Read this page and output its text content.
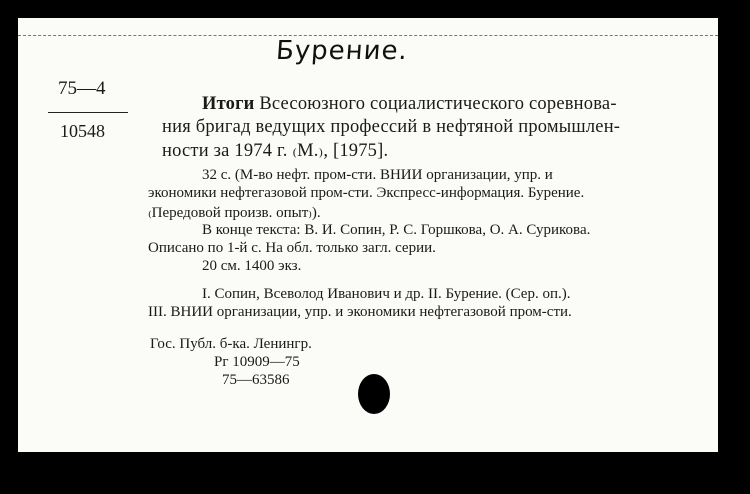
Бурение.
75—4
10548
Итоги Всесоюзного социалистического соревнова-
ния бригад ведущих профессий в нефтяной промышлен-
ности за 1974 г. ₍М.₎, [1975].
32 с. (М-во нефт. пром-сти. ВНИИ организации, упр. и
экономики нефтегазовой пром-сти. Экспресс-информация. Бурение.
₍Передовой произв. опыт₎).
В конце текста: В. И. Сопин, Р. С. Горшкова, О. А. Сурикова.
Описано по 1-й с. На обл. только загл. серии.
20 см. 1400 экз.
I. Сопин, Всеволод Иванович и др. II. Бурение. (Сер. оп.).
III. ВНИИ организации, упр. и экономики нефтегазовой пром-сти.
Гос. Публ. б-ка. Ленингр.
Рг 10909—75
75—63586
